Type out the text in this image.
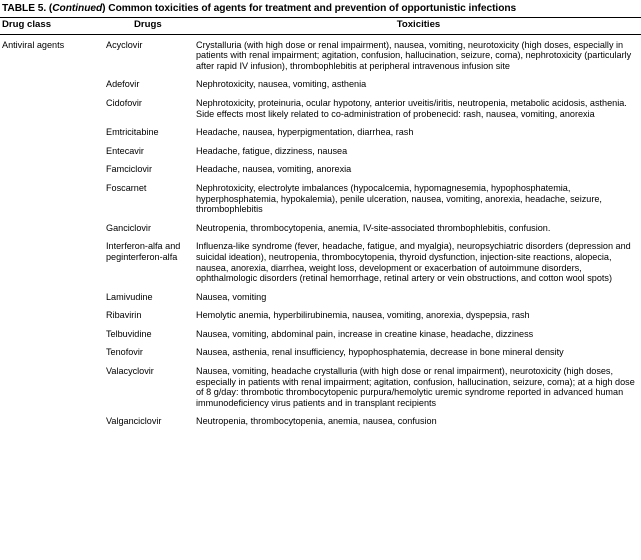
TABLE 5. (Continued) Common toxicities of agents for treatment and prevention of opportunistic infections
Drug class	Drugs	Toxicities
Antiviral agents	Acyclovir	Crystalluria (with high dose or renal impairment), nausea, vomiting, neurotoxicity (high doses, especially in patients with renal impairment; agitation, confusion, hallucination, seizure, coma), nephrotoxicity (particularly after rapid IV infusion), thrombophlebitis at peripheral intravenous infusion site

	Adefovir	Nephrotoxicity, nausea, vomiting, asthenia

	Cidofovir	Nephrotoxicity, proteinuria, ocular hypotony, anterior uveitis/iritis, neutropenia, metabolic acidosis, asthenia. Side effects most likely related to co-administration of probenecid: rash, nausea, vomiting, anorexia

	Emtricitabine	Headache, nausea, hyperpigmentation, diarrhea, rash

	Entecavir	Headache, fatigue, dizziness, nausea

	Famciclovir	Headache, nausea, vomiting, anorexia

	Foscarnet	Nephrotoxicity, electrolyte imbalances (hypocalcemia, hypomagnesemia, hypophosphatemia, hyperphosphatemia, hypokalemia), penile ulceration, nausea, vomiting, anorexia, headache, seizure, thrombophlebitis

	Ganciclovir	Neutropenia, thrombocytopenia, anemia, IV-site-associated thrombophlebitis, confusion.

	Interferon-alfa and peginterferon-alfa	Influenza-like syndrome (fever, headache, fatigue, and myalgia), neuropsychiatric disorders (depression and suicidal ideation), neutropenia, thrombocytopenia, thyroid dysfunction, injection-site reactions, alopecia, nausea, anorexia, diarrhea, weight loss, development or exacerbation of autoimmune disorders, ophthalmologic disorders (retinal hemorrhage, retinal artery or vein obstructions, and cotton wool spots)

	Lamivudine	Nausea, vomiting

	Ribavirin	Hemolytic anemia, hyperbilirubinemia, nausea, vomiting, anorexia, dyspepsia, rash

	Telbuvidine	Nausea, vomiting, abdominal pain, increase in creatine kinase, headache, dizziness

	Tenofovir	Nausea, asthenia, renal insufficiency, hypophosphatemia, decrease in bone mineral density

	Valacyclovir	Nausea, vomiting, headache crystalluria (with high dose or renal impairment), neurotoxicity (high doses, especially in patients with renal impairment; agitation, confusion, hallucination, seizure, coma); at a high dose of 8 g/day: thrombotic thrombocytopenic purpura/hemolytic uremic syndrome reported in advanced human immunodeficiency virus patients and in transplant recipients

	Valganciclovir	Neutropenia, thrombocytopenia, anemia, nausea, confusion
